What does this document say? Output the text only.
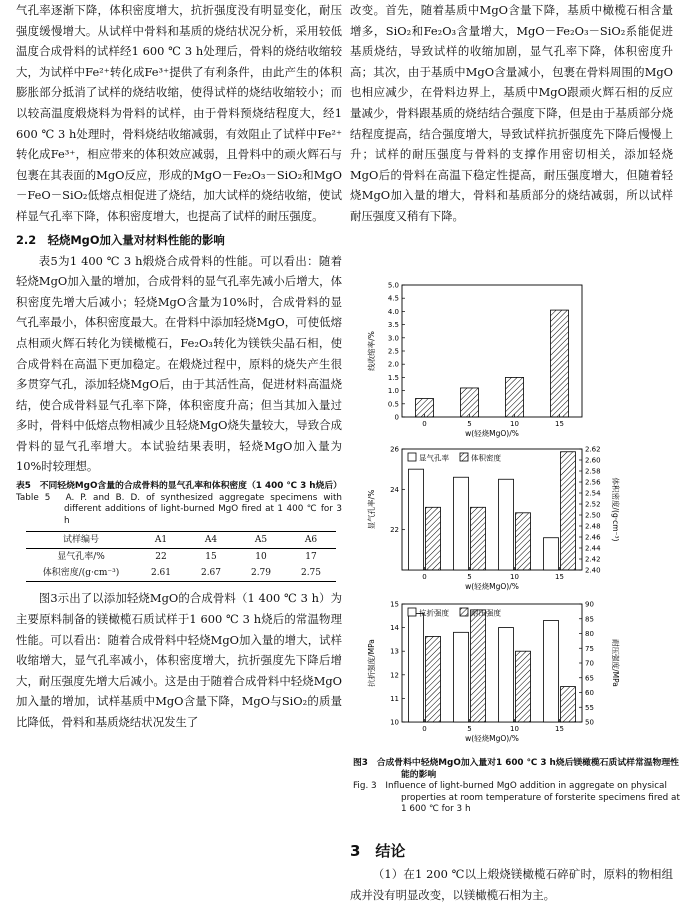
气孔率逐渐下降，体积密度增大，抗折强度没有明显变化，耐压强度缓慢增大。从试样中骨料和基质的烧结状况分析，采用较低温度合成骨料的试样经1 600 ℃ 3 h处理后，骨料的烧结收缩较大，为试样中Fe²⁺转化成Fe³⁺提供了有利条件，由此产生的体积膨胀部分抵消了试样的烧结收缩，使得试样的烧结收缩较小；而以较高温度煅烧料为骨料的试样，由于骨料预烧结程度大，经1 600 ℃ 3 h处理时，骨料烧结收缩减弱，有效阻止了试样中Fe²⁺转化成Fe³⁺，相应带来的体积效应减弱，且骨料中的顽火辉石与包裹在其表面的MgO反应，形成的MgO－Fe₂O₃－SiO₂和MgO－FeO－SiO₂低熔点相促进了烧结，加大试样的烧结收缩，使试样显气孔率下降，体积密度增大，也提高了试样的耐压强度。

2.2　轻烧MgO加入量对材料性能的影响

表5为1 400 ℃ 3 h煅烧合成骨料的性能。可以看出：随着轻烧MgO加入量的增加，合成骨料的显气孔率先减小后增大，体积密度先增大后减小；轻烧MgO含量为10%时，合成骨料的显气孔率最小，体积密度最大。在骨料中添加轻烧MgO，可使低熔点相顽火辉石转化为镁橄榄石，Fe₂O₃转化为镁铁尖晶石相，使合成骨料在高温下更加稳定。在煅烧过程中，原料的烧失产生很多贯穿气孔，添加轻烧MgO后，由于其活性高，促进材料高温烧结，使合成骨料显气孔率下降，体积密度升高；但当其加入量过多时，骨料中低熔点物相减少且轻烧MgO烧失量较大，导致合成骨料的显气孔率增大。本试验结果表明，轻烧MgO加入量为10%时较理想。

表5　不同轻烧MgO含量的合成骨料的显气孔率和体积密度（1 400 ℃ 3 h烧后）
Table 5　A. P. and B. D. of synthesized aggregate specimens with different additions of light-burned MgO fired at 1 400 ℃ for 3 h
试样编号	A1	A4	A5	A6
显气孔率/%	22	15	10	17
体积密度/(g·cm⁻³)	2.61	2.67	2.79	2.75

图3示出了以添加轻烧MgO的合成骨料（1 400 ℃ 3 h）为主要原料制备的镁橄榄石质试样于1 600 ℃ 3 h烧后的常温物理性能。可以看出：随着合成骨料中轻烧MgO加入量的增大，试样收缩增大，显气孔率减小，体积密度增大，抗折强度先下降后增大，耐压强度先增大后减小。这是由于随着合成骨料中轻烧MgO加入量的增加，试样基质中MgO含量下降，MgO与SiO₂的质量比降低，骨料和基质烧结状况发生了

改变。首先，随着基质中MgO含量下降，基质中橄榄石相含量增多，SiO₂和Fe₂O₃含量增大，MgO－Fe₂O₃－SiO₂系能促进基质烧结，导致试样的收缩加剧，显气孔率下降，体积密度升高；其次，由于基质中MgO含量减小，包裹在骨料周围的MgO也相应减少，在骨料边界上，基质中MgO跟顽火辉石相的反应量减少，骨料跟基质的烧结结合强度下降，但是由于基质部分烧结程度提高，结合强度增大，导致试样抗折强度先下降后慢慢上升；试样的耐压强度与骨料的支撑作用密切相关，添加轻烧MgO后的骨料在高温下稳定性提高，耐压强度增大，但随着轻烧MgO加入量的增大，骨料和基质部分的烧结减弱，所以试样耐压强度又稍有下降。

0
0.5
1.0
1.5
2.0
2.5
3.0
3.5
4.0
4.5
5.0
0	5	10	15
w(轻烧MgO)/%
线收缩率/%
22
24
26
2.40
2.42
2.44
2.46
2.48
2.50
2.52
2.54
2.56
2.58
2.60
2.62
体积密度/(g·cm⁻³)
0	5	10	15
w(轻烧MgO)/%
显气孔率/%
显气孔率	体积密度
10
11
12
13
14
15
50
55
60
65
70
75
80
85
90
耐压强度/MPa
0	5	10	15
w(轻烧MgO)/%
抗折强度/MPa
抗折强度	耐压强度
图3　合成骨料中轻烧MgO加入量对1 600 ℃ 3 h烧后镁橄榄石质试样常温物理性能的影响
Fig. 3　Influence of light-burned MgO addition in aggregate on physical properties at room temperature of forsterite specimens fired at 1 600 ℃ for 3 h

3　结论

（1）在1 200 ℃以上煅烧镁橄榄石碎矿时，原料的物相组成并没有明显改变，以镁橄榄石相为主。
